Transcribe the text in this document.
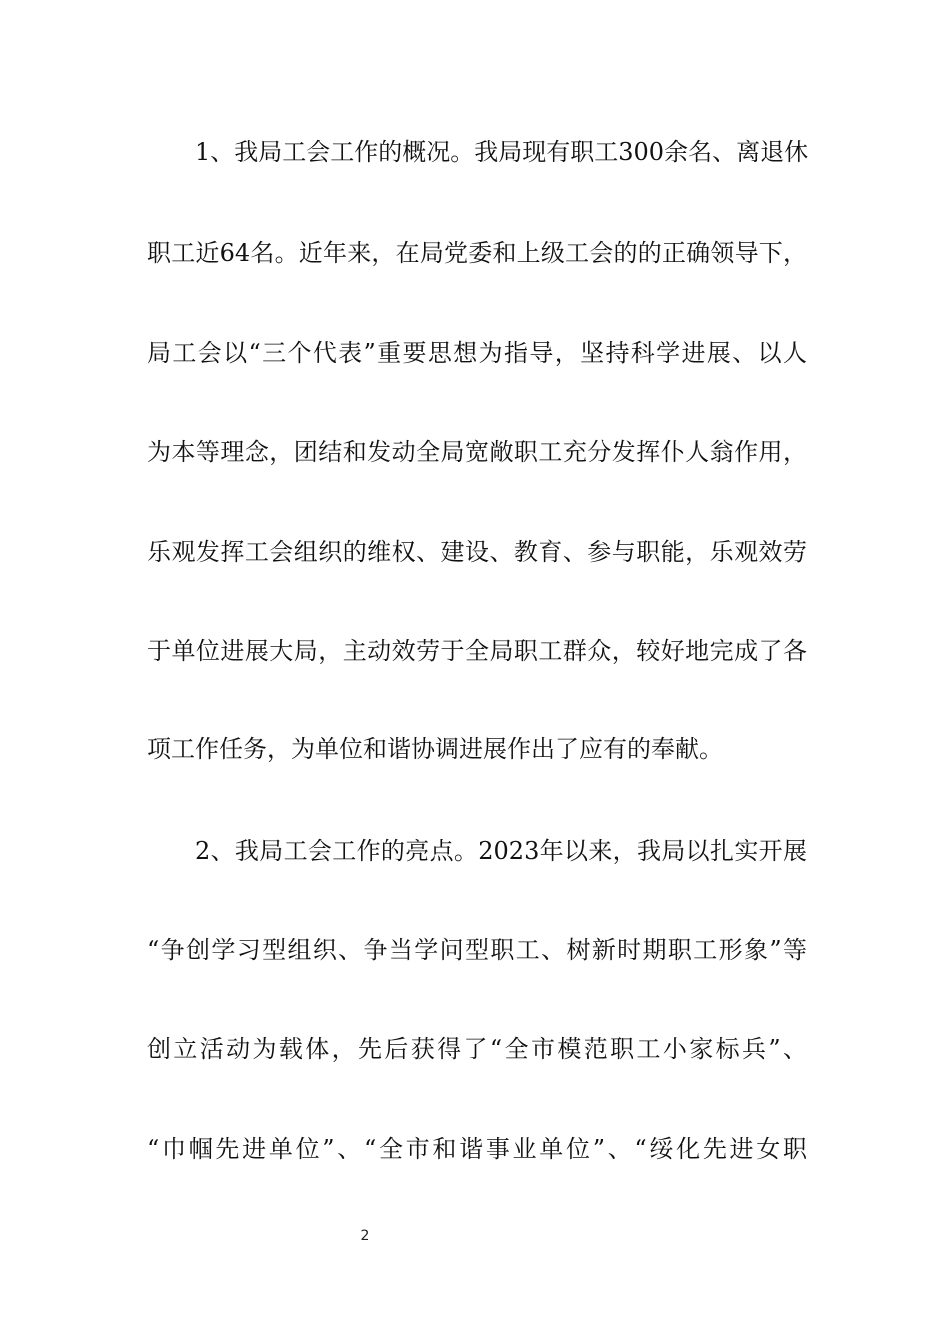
1、我局工会工作的概况。我局现有职工300余名、离退休
职工近64名。近年来，在局党委和上级工会的的正确领导下，
局工会以“三个代表”重要思想为指导，坚持科学进展、以人
为本等理念，团结和发动全局宽敞职工充分发挥仆人翁作用，
乐观发挥工会组织的维权、建设、教育、参与职能，乐观效劳
于单位进展大局，主动效劳于全局职工群众，较好地完成了各
项工作任务，为单位和谐协调进展作出了应有的奉献。
2、我局工会工作的亮点。2023年以来，我局以扎实开展
“争创学习型组织、争当学问型职工、树新时期职工形象”等
创立活动为载体，先后获得了“全市模范职工小家标兵”、
“巾帼先进单位”、“全市和谐事业单位”、“绥化先进女职
2
